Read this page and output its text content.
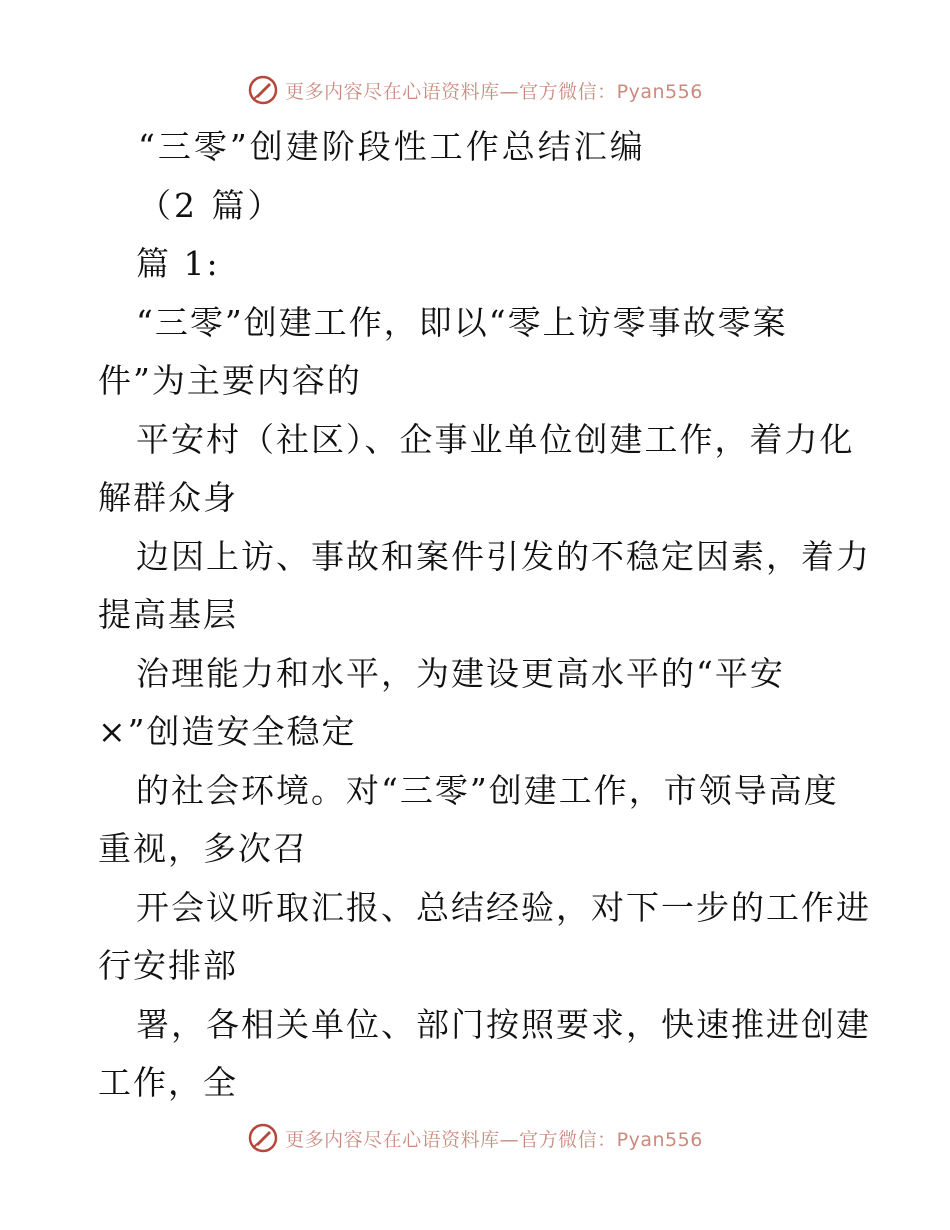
更多内容尽在心语资料库—官方微信：Pyan556
“三零”创建阶段性工作总结汇编
（2 篇）
篇 1:
“三零”创建工作，即以“零上访零事故零案
件”为主要内容的
平安村（社区）、企事业单位创建工作，着力化
解群众身
边因上访、事故和案件引发的不稳定因素，着力
提高基层
治理能力和水平，为建设更高水平的“平安
×”创造安全稳定
的社会环境。对“三零”创建工作，市领导高度
重视，多次召
开会议听取汇报、总结经验，对下一步的工作进
行安排部
署，各相关单位、部门按照要求，快速推进创建
工作，全
更多内容尽在心语资料库—官方微信：Pyan556
